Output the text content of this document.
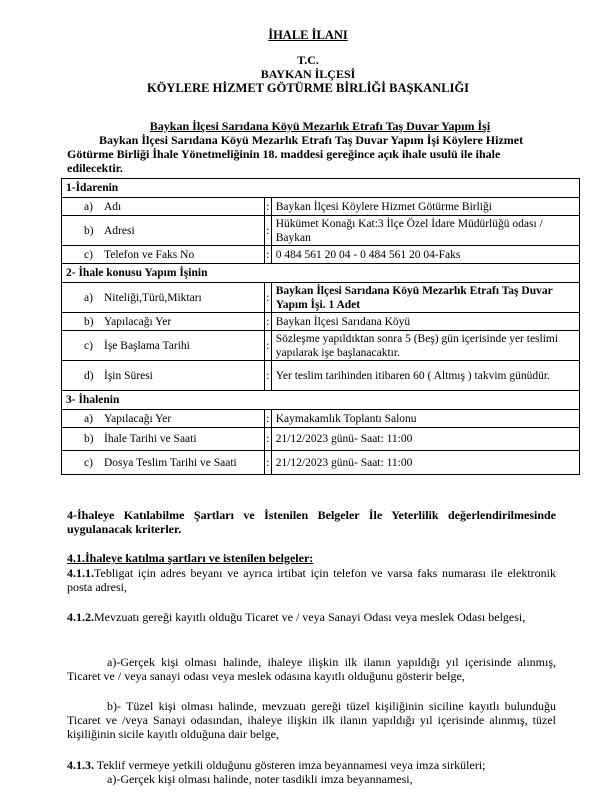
İHALE İLANI
T.C.
BAYKAN İLÇESİ
KÖYLERE HİZMET GÖTÜRME BİRLİĞİ BAŞKANLIĞI
Baykan İlçesi Sarıdana Köyü Mezarlık Etrafı Taş Duvar Yapım İşi
Baykan İlçesi Sarıdana Köyü Mezarlık Etrafı Taş Duvar Yapım İşi Köylere Hizmet Götürme Birliği İhale Yönetmeliğinin 18. maddesi gereğince açık ihale usulü ile ihale edilecektir.
1-İdarenin		
a) Adı	:	Baykan İlçesi Köylere Hizmet Götürme Birliği
b) Adresi	:	Hükümet Konağı Kat:3 İlçe Özel İdare Müdürlüğü odası / Baykan
c) Telefon ve Faks No	:	0 484 561 20 04 - 0 484 561 20 04-Faks
2- İhale konusu Yapım İşinin		
a) Niteliği,Türü,Miktarı	:	Baykan İlçesi Sarıdana Köyü Mezarlık Etrafı Taş Duvar Yapım İşi. 1 Adet
b) Yapılacağı Yer	:	Baykan İlçesi Sarıdana Köyü
c) İşe Başlama Tarihi	:	Sözleşme yapıldıktan sonra 5 (Beş) gün içerisinde yer teslimi yapılarak işe başlanacaktır.
d) İşin Süresi	:	Yer teslim tarihinden itibaren 60 ( Altmış ) takvim günüdür.
3- İhalenin		
a) Yapılacağı Yer	:	Kaymakamlık Toplantı Salonu
b) İhale Tarihi ve Saati	:	21/12/2023 günü- Saat: 11:00
c) Dosya Teslim Tarihi ve Saati	:	21/12/2023 günü- Saat: 11:00
4-İhaleye Katılabilme Şartları ve İstenilen Belgeler İle Yeterlilik değerlendirilmesinde uygulanacak kriterler.
4.1.İhaleye katılma şartları ve istenilen belgeler:
4.1.1.Tebligat için adres beyanı ve ayrıca irtibat için telefon ve varsa faks numarası ile elektronik posta adresi,
4.1.2.Mevzuatı gereği kayıtlı olduğu Ticaret ve / veya Sanayi Odası veya meslek Odası belgesi,
a)-Gerçek kişi olması halinde, ihaleye ilişkin ilk ilanın yapıldığı yıl içerisinde alınmış, Ticaret ve / veya sanayi odası veya meslek odasına kayıtlı olduğunu gösterir belge,
b)- Tüzel kişi olması halinde, mevzuatı gereği tüzel kişiliğinin siciline kayıtlı bulunduğu Ticaret ve /veya Sanayi odasından, ihaleye ilişkin ilk ilanın yapıldığı yıl içerisinde alınmış, tüzel kişiliğinin sicile kayıtlı olduğuna dair belge,
4.1.3. Teklif vermeye yetkili olduğunu gösteren imza beyannamesi veya imza sirküleri;
a)-Gerçek kişi olması halinde, noter tasdikli imza beyannamesi,
